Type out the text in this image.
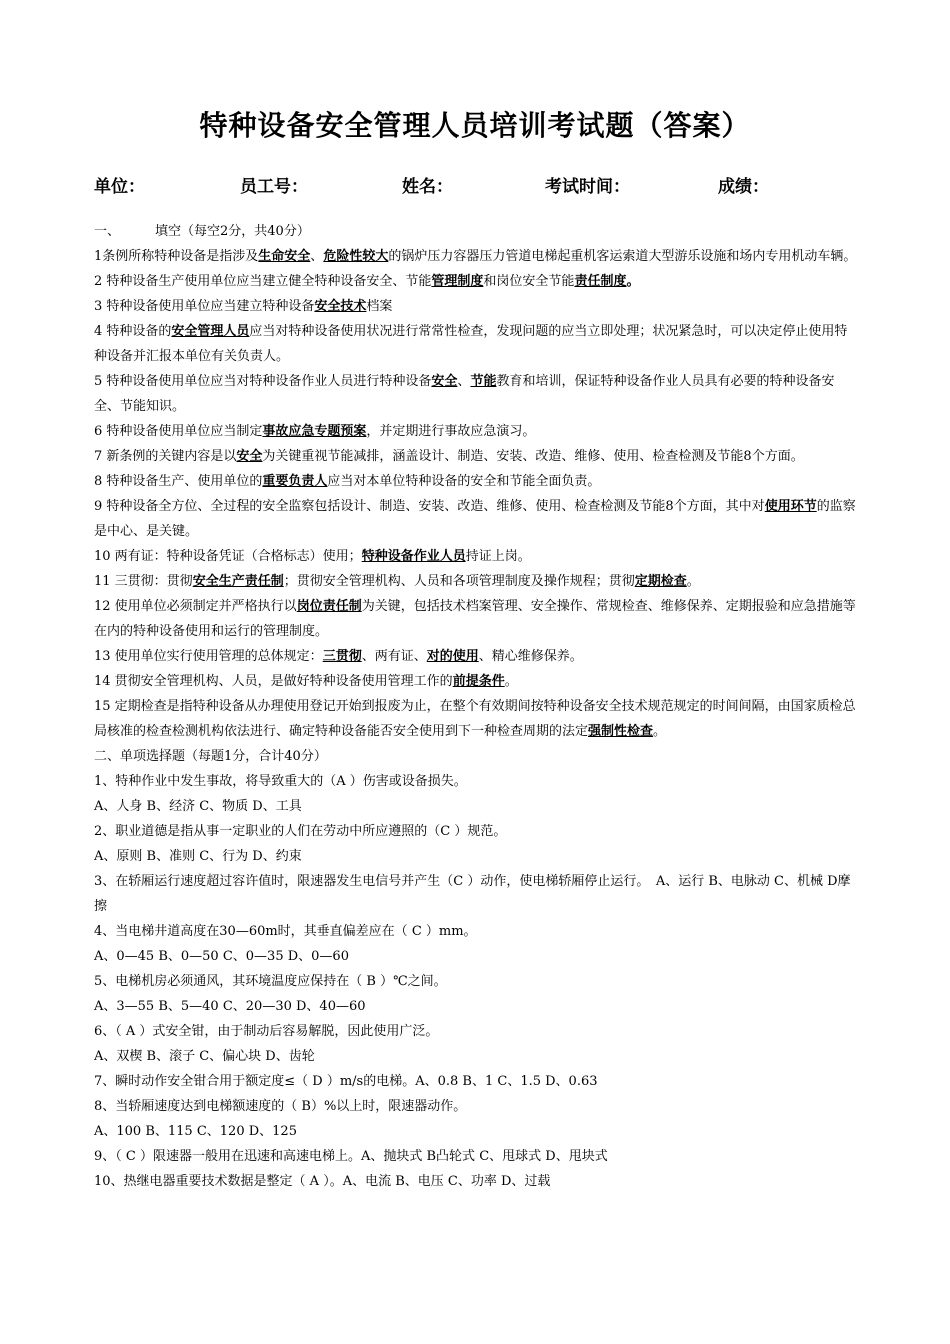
特种设备安全管理人员培训考试题（答案）
单位：	员工号：	姓名：	考试时间：	成绩：

一、	填空（每空2分，共40分）

1条例所称特种设备是指涉及生命安全、危险性较大的锅炉压力容器压力管道电梯起重机客运索道大型游乐设施和场内专用机动车辆。

2 特种设备生产使用单位应当建立健全特种设备安全、节能管理制度和岗位安全节能责任制度。

3 特种设备使用单位应当建立特种设备安全技术档案

4 特种设备的安全管理人员应当对特种设备使用状况进行常常性检查，发现问题的应当立即处理；状况紧急时，可以决定停止使用特种设备并汇报本单位有关负责人。

5 特种设备使用单位应当对特种设备作业人员进行特种设备安全、节能教育和培训，保证特种设备作业人员具有必要的特种设备安全、节能知识。

6 特种设备使用单位应当制定事故应急专题预案，并定期进行事故应急演习。

7 新条例的关键内容是以安全为关键重视节能减排，涵盖设计、制造、安装、改造、维修、使用、检查检测及节能8个方面。

8 特种设备生产、使用单位的重要负责人应当对本单位特种设备的安全和节能全面负责。

9 特种设备全方位、全过程的安全监察包括设计、制造、安装、改造、维修、使用、检查检测及节能8个方面，其中对使用环节的监察是中心、是关键。

10 两有证：特种设备凭证（合格标志）使用；特种设备作业人员持证上岗。

11 三贯彻：贯彻安全生产责任制；贯彻安全管理机构、人员和各项管理制度及操作规程；贯彻定期检查。

12 使用单位必须制定并严格执行以岗位责任制为关键，包括技术档案管理、安全操作、常规检查、维修保养、定期报验和应急措施等在内的特种设备使用和运行的管理制度。

13 使用单位实行使用管理的总体规定：三贯彻、两有证、对的使用、精心维修保养。

14 贯彻安全管理机构、人员，是做好特种设备使用管理工作的前提条件。

15 定期检查是指特种设备从办理使用登记开始到报废为止，在整个有效期间按特种设备安全技术规范规定的时间间隔，由国家质检总局核准的检查检测机构依法进行、确定特种设备能否安全使用到下一种检查周期的法定强制性检查。

二、单项选择题（每题1分，合计40分）

1、特种作业中发生事故，将导致重大的（A ）伤害或设备损失。

A、人身 B、经济 C、物质 D、工具

2、职业道德是指从事一定职业的人们在劳动中所应遵照的（C ）规范。

A、原则 B、准则 C、行为 D、约束

3、在轿厢运行速度超过容许值时，限速器发生电信号并产生（C ）动作，使电梯轿厢停止运行。　A、运行 B、电脉动 C、机械 D摩擦

4、当电梯井道高度在30—60m时，其垂直偏差应在（ C ）mm。

A、0—45 B、0—50 C、0—35 D、0—60

5、电梯机房必须通风，其环境温度应保持在（ B ）℃之间。

A、3—55 B、5—40 C、20—30 D、40—60

6、（ A ）式安全钳，由于制动后容易解脱，因此使用广泛。

A、双楔 B、滚子 C、偏心块 D、齿轮

7、瞬时动作安全钳合用于额定度≤（ D ）m/s的电梯。A、0.8 B、1 C、1.5 D、0.63

8、当轿厢速度达到电梯额速度的（ B）%以上时，限速器动作。

A、100 B、115 C、120 D、125

9、（ C ）限速器一般用在迅速和高速电梯上。A、抛块式 B凸轮式 C、甩球式 D、甩块式

10、热继电器重要技术数据是整定（ A ）。A、电流 B、电压 C、功率 D、过载
